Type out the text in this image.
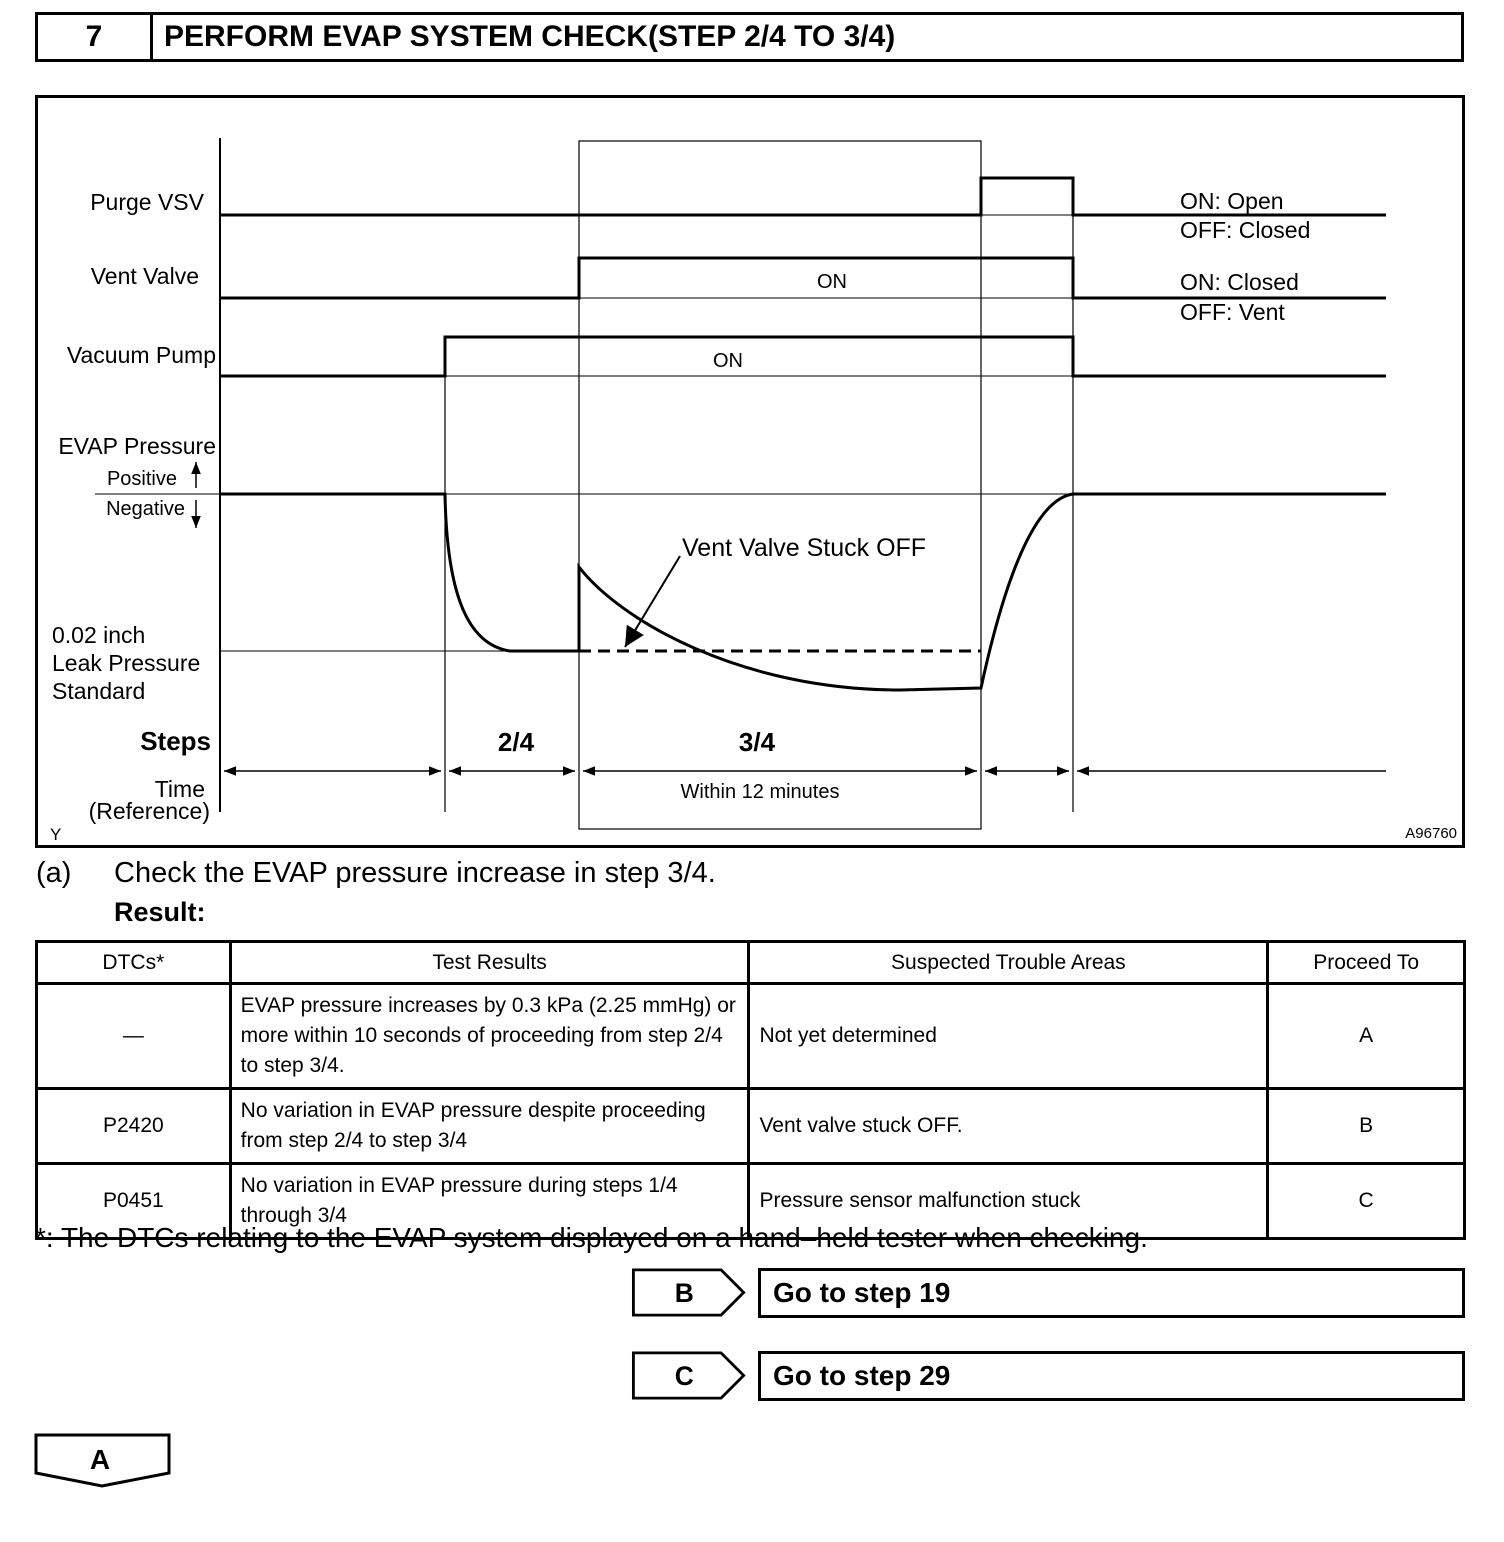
7	PERFORM EVAP SYSTEM CHECK(STEP 2/4 TO 3/4)
Purge VSV
Vent Valve
Vacuum Pump
EVAP Pressure
Positive
Negative
0.02 inch
Leak Pressure
Standard
Steps
Time
(Reference)
ON: Open
OFF: Closed
ON: Closed
OFF: Vent
ON
ON
Vent Valve Stuck OFF
2/4	3/4
Within 12 minutes
Y	A96760
(a) Check the EVAP pressure increase in step 3/4.
Result:
DTCs*	Test Results	Suspected Trouble Areas	Proceed To
—	EVAP pressure increases by 0.3 kPa (2.25 mmHg) or more within 10 seconds of proceeding from step 2/4 to step 3/4.	Not yet determined	A
P2420	No variation in EVAP pressure despite proceeding from step 2/4 to step 3/4	Vent valve stuck OFF.	B
P0451	No variation in EVAP pressure during steps 1/4 through 3/4	Pressure sensor malfunction stuck	C
*: The DTCs relating to the EVAP system displayed on a hand–held tester when checking.
B	Go to step 19
C	Go to step 29
A
